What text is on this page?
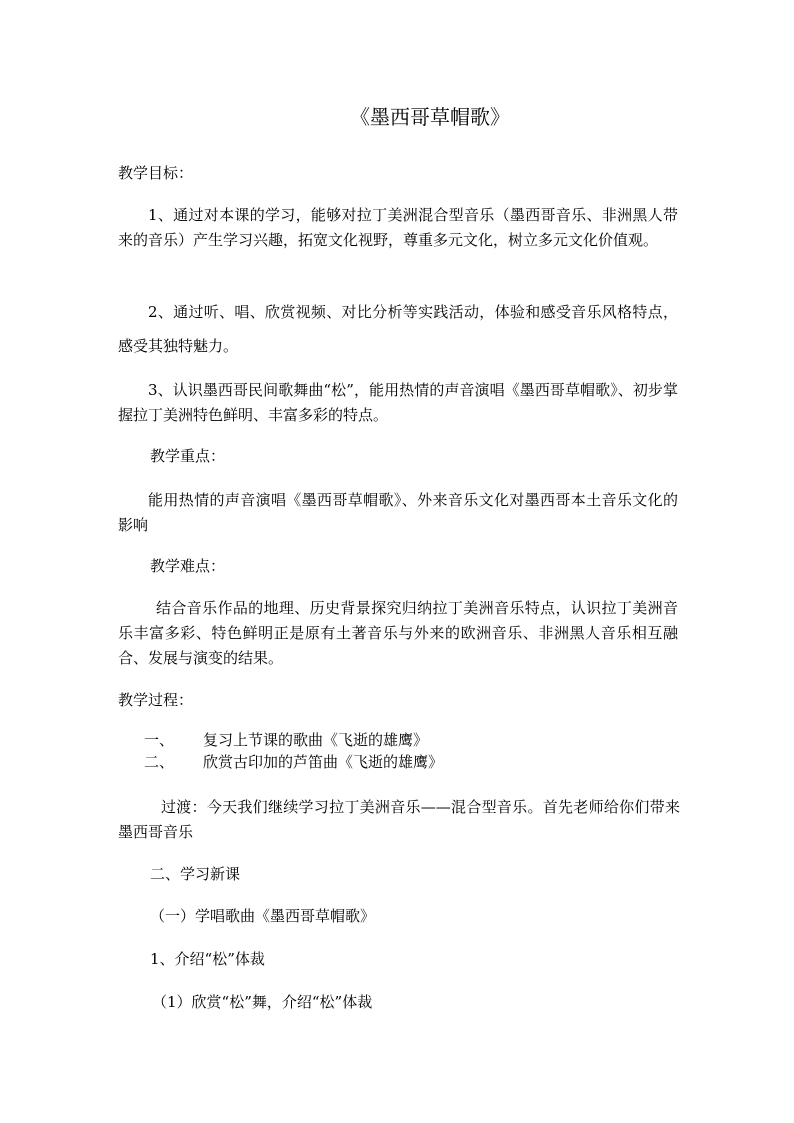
《墨西哥草帽歌》
教学目标：
1、通过对本课的学习，能够对拉丁美洲混合型音乐（墨西哥音乐、非洲黑人带来的音乐）产生学习兴趣，拓宽文化视野，尊重多元文化，树立多元文化价值观。
2、通过听、唱、欣赏视频、对比分析等实践活动，体验和感受音乐风格特点，感受其独特魅力。
3、认识墨西哥民间歌舞曲“松”，能用热情的声音演唱《墨西哥草帽歌》、初步掌握拉丁美洲特色鲜明、丰富多彩的特点。
教学重点：
能用热情的声音演唱《墨西哥草帽歌》、外来音乐文化对墨西哥本土音乐文化的影响
教学难点：
结合音乐作品的地理、历史背景探究归纳拉丁美洲音乐特点，认识拉丁美洲音乐丰富多彩、特色鲜明正是原有土著音乐与外来的欧洲音乐、非洲黑人音乐相互融合、发展与演变的结果。
教学过程：
一、 复习上节课的歌曲《飞逝的雄鹰》
二、 欣赏古印加的芦笛曲《飞逝的雄鹰》
过渡：今天我们继续学习拉丁美洲音乐——混合型音乐。首先老师给你们带来墨西哥音乐
二、学习新课
（一）学唱歌曲《墨西哥草帽歌》
1、介绍“松”体裁
（1）欣赏“松”舞，介绍“松”体裁
